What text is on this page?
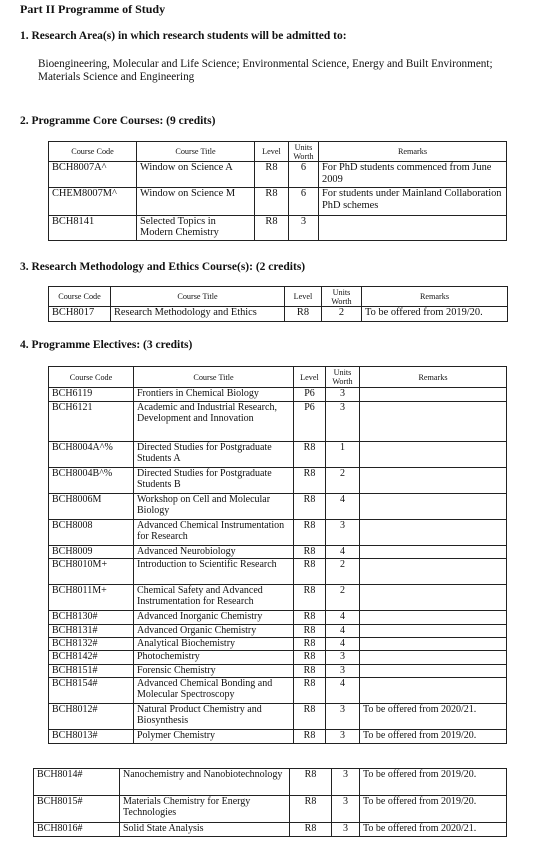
Part II Programme of Study
1. Research Area(s) in which research students will be admitted to:
Bioengineering, Molecular and Life Science; Environmental Science, Energy and Built Environment; Materials Science and Engineering
2. Programme Core Courses: (9 credits)
Course Code	Course Title	Level	Units Worth	Remarks
BCH8007A^	Window on Science A	R8	6	For PhD students commenced from June 2009
CHEM8007M^	Window on Science M	R8	6	For students under Mainland Collaboration PhD schemes
BCH8141	Selected Topics in Modern Chemistry	R8	3	
3. Research Methodology and Ethics Course(s): (2 credits)
Course Code	Course Title	Level	Units Worth	Remarks
BCH8017	Research Methodology and Ethics	R8	2	To be offered from 2019/20.
4. Programme Electives: (3 credits)
Course Code	Course Title	Level	Units Worth	Remarks
BCH6119	Frontiers in Chemical Biology	P6	3	
BCH6121	Academic and Industrial Research, Development and Innovation	P6	3	
BCH8004A^%	Directed Studies for Postgraduate Students A	R8	1	
BCH8004B^%	Directed Studies for Postgraduate Students B	R8	2	
BCH8006M	Workshop on Cell and Molecular Biology	R8	4	
BCH8008	Advanced Chemical Instrumentation for Research	R8	3	
BCH8009	Advanced Neurobiology	R8	4	
BCH8010M+	Introduction to Scientific Research	R8	2	
BCH8011M+	Chemical Safety and Advanced Instrumentation for Research	R8	2	
BCH8130#	Advanced Inorganic Chemistry	R8	4	
BCH8131#	Advanced Organic Chemistry	R8	4	
BCH8132#	Analytical Biochemistry	R8	4	
BCH8142#	Photochemistry	R8	3	
BCH8151#	Forensic Chemistry	R8	3	
BCH8154#	Advanced Chemical Bonding and Molecular Spectroscopy	R8	4	
BCH8012#	Natural Product Chemistry and Biosynthesis	R8	3	To be offered from 2020/21.
BCH8013#	Polymer Chemistry	R8	3	To be offered from 2019/20.
BCH8014#	Nanochemistry and Nanobiotechnology	R8	3	To be offered from 2019/20.
BCH8015#	Materials Chemistry for Energy Technologies	R8	3	To be offered from 2019/20.
BCH8016#	Solid State Analysis	R8	3	To be offered from 2020/21.
